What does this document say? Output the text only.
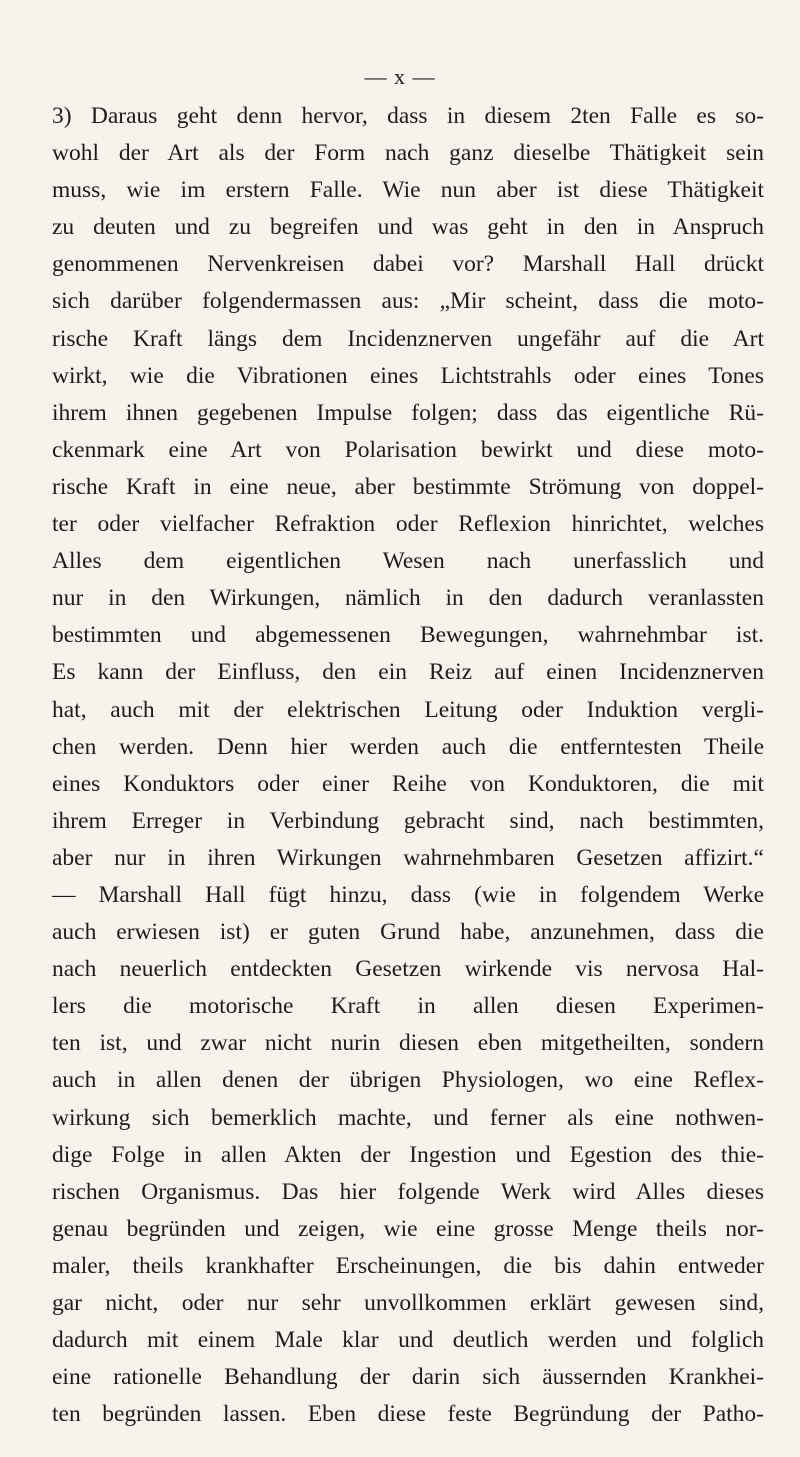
— x —
3) Daraus geht denn hervor, dass in diesem 2ten Falle es so-
wohl der Art als der Form nach ganz dieselbe Thätigkeit sein
muss, wie im erstern Falle. Wie nun aber ist diese Thätigkeit
zu deuten und zu begreifen und was geht in den in Anspruch
genommenen Nervenkreisen dabei vor? Marshall Hall drückt
sich darüber folgendermassen aus: „Mir scheint, dass die moto-
rische Kraft längs dem Incidenznerven ungefähr auf die Art
wirkt, wie die Vibrationen eines Lichtstrahls oder eines Tones
ihrem ihnen gegebenen Impulse folgen; dass das eigentliche Rü-
ckenmark eine Art von Polarisation bewirkt und diese moto-
rische Kraft in eine neue, aber bestimmte Strömung von doppel-
ter oder vielfacher Refraktion oder Reflexion hinrichtet, welches
Alles dem eigentlichen Wesen nach unerfasslich und
nur in den Wirkungen, nämlich in den dadurch veranlassten
bestimmten und abgemessenen Bewegungen, wahrnehmbar ist.
Es kann der Einfluss, den ein Reiz auf einen Incidenznerven
hat, auch mit der elektrischen Leitung oder Induktion vergli-
chen werden. Denn hier werden auch die entferntesten Theile
eines Konduktors oder einer Reihe von Konduktoren, die mit
ihrem Erreger in Verbindung gebracht sind, nach bestimmten,
aber nur in ihren Wirkungen wahrnehmbaren Gesetzen affizirt.“
— Marshall Hall fügt hinzu, dass (wie in folgendem Werke
auch erwiesen ist) er guten Grund habe, anzunehmen, dass die
nach neuerlich entdeckten Gesetzen wirkende vis nervosa Hal-
lers die motorische Kraft in allen diesen Experimen-
ten ist, und zwar nicht nurin diesen eben mitgetheilten, sondern
auch in allen denen der übrigen Physiologen, wo eine Reflex-
wirkung sich bemerklich machte, und ferner als eine nothwen-
dige Folge in allen Akten der Ingestion und Egestion des thie-
rischen Organismus. Das hier folgende Werk wird Alles dieses
genau begründen und zeigen, wie eine grosse Menge theils nor-
maler, theils krankhafter Erscheinungen, die bis dahin entweder
gar nicht, oder nur sehr unvollkommen erklärt gewesen sind,
dadurch mit einem Male klar und deutlich werden und folglich
eine rationelle Behandlung der darin sich äussernden Krankhei-
ten begründen lassen. Eben diese feste Begründung der Patho-
